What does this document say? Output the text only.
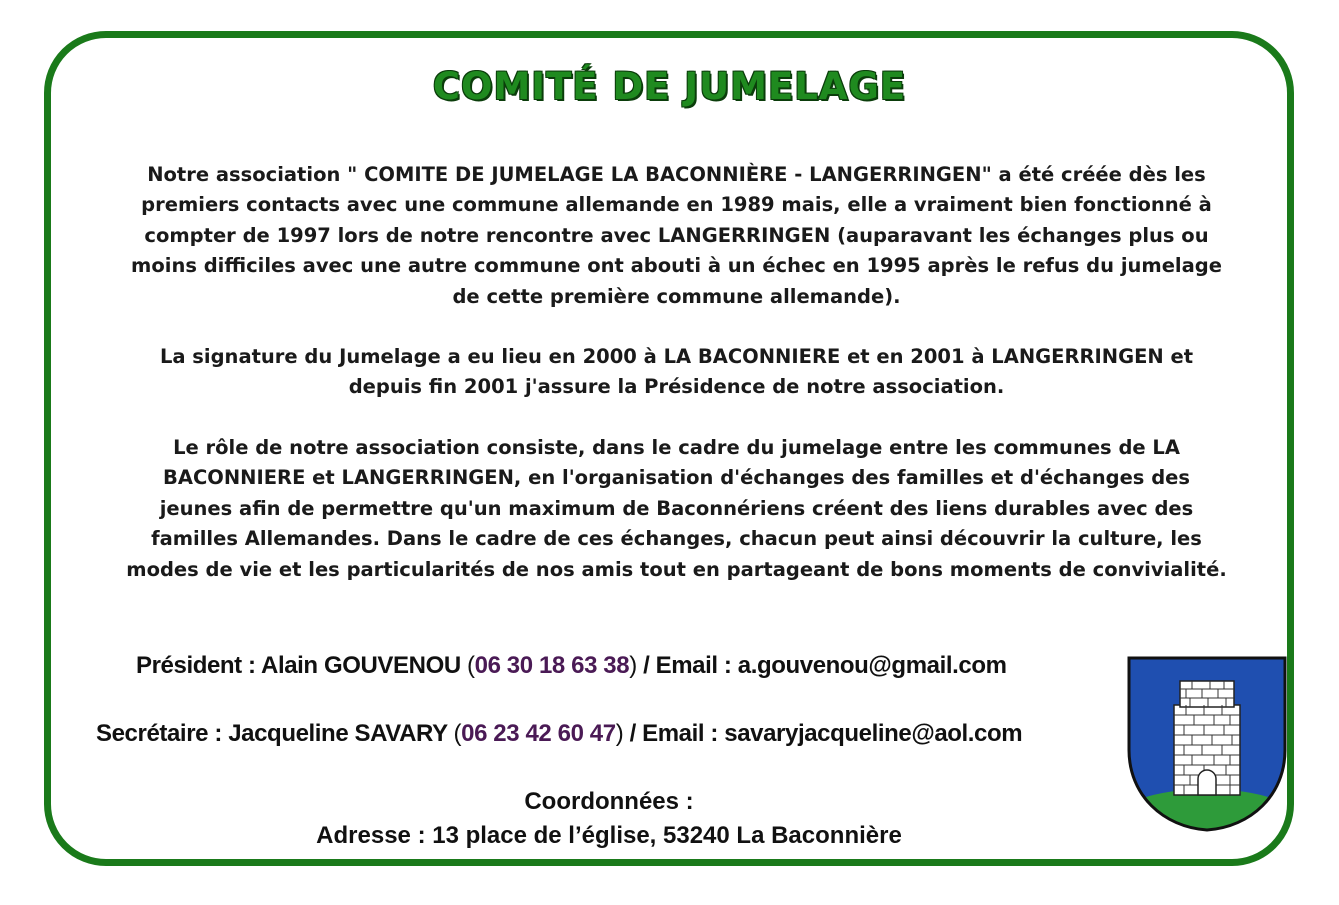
COMITÉ DE JUMELAGE

Notre association " COMITE DE JUMELAGE LA BACONNIÈRE - LANGERRINGEN" a été créée dès les premiers contacts avec une commune allemande en 1989 mais, elle a vraiment bien fonctionné à compter de 1997 lors de notre rencontre avec LANGERRINGEN (auparavant les échanges plus ou moins difficiles avec une autre commune ont abouti à un échec en 1995 après le refus du jumelage de cette première commune allemande).

La signature du Jumelage a eu lieu en 2000 à LA BACONNIERE et en 2001 à LANGERRINGEN et depuis fin 2001 j'assure la Présidence de notre association.

Le rôle de notre association consiste, dans le cadre du jumelage entre les communes de LA BACONNIERE et LANGERRINGEN, en l'organisation d'échanges des familles et d'échanges des jeunes afin de permettre qu'un maximum de Baconnériens créent des liens durables avec des familles Allemandes. Dans le cadre de ces échanges, chacun peut ainsi découvrir la culture, les modes de vie et les particularités de nos amis tout en partageant de bons moments de convivialité.

Président : Alain GOUVENOU (06 30 18 63 38) / Email : a.gouvenou@gmail.com

Secrétaire : Jacqueline SAVARY (06 23 42 60 47) / Email : savaryjacqueline@aol.com

Coordonnées :

Adresse : 13 place de l’église, 53240 La Baconnière
